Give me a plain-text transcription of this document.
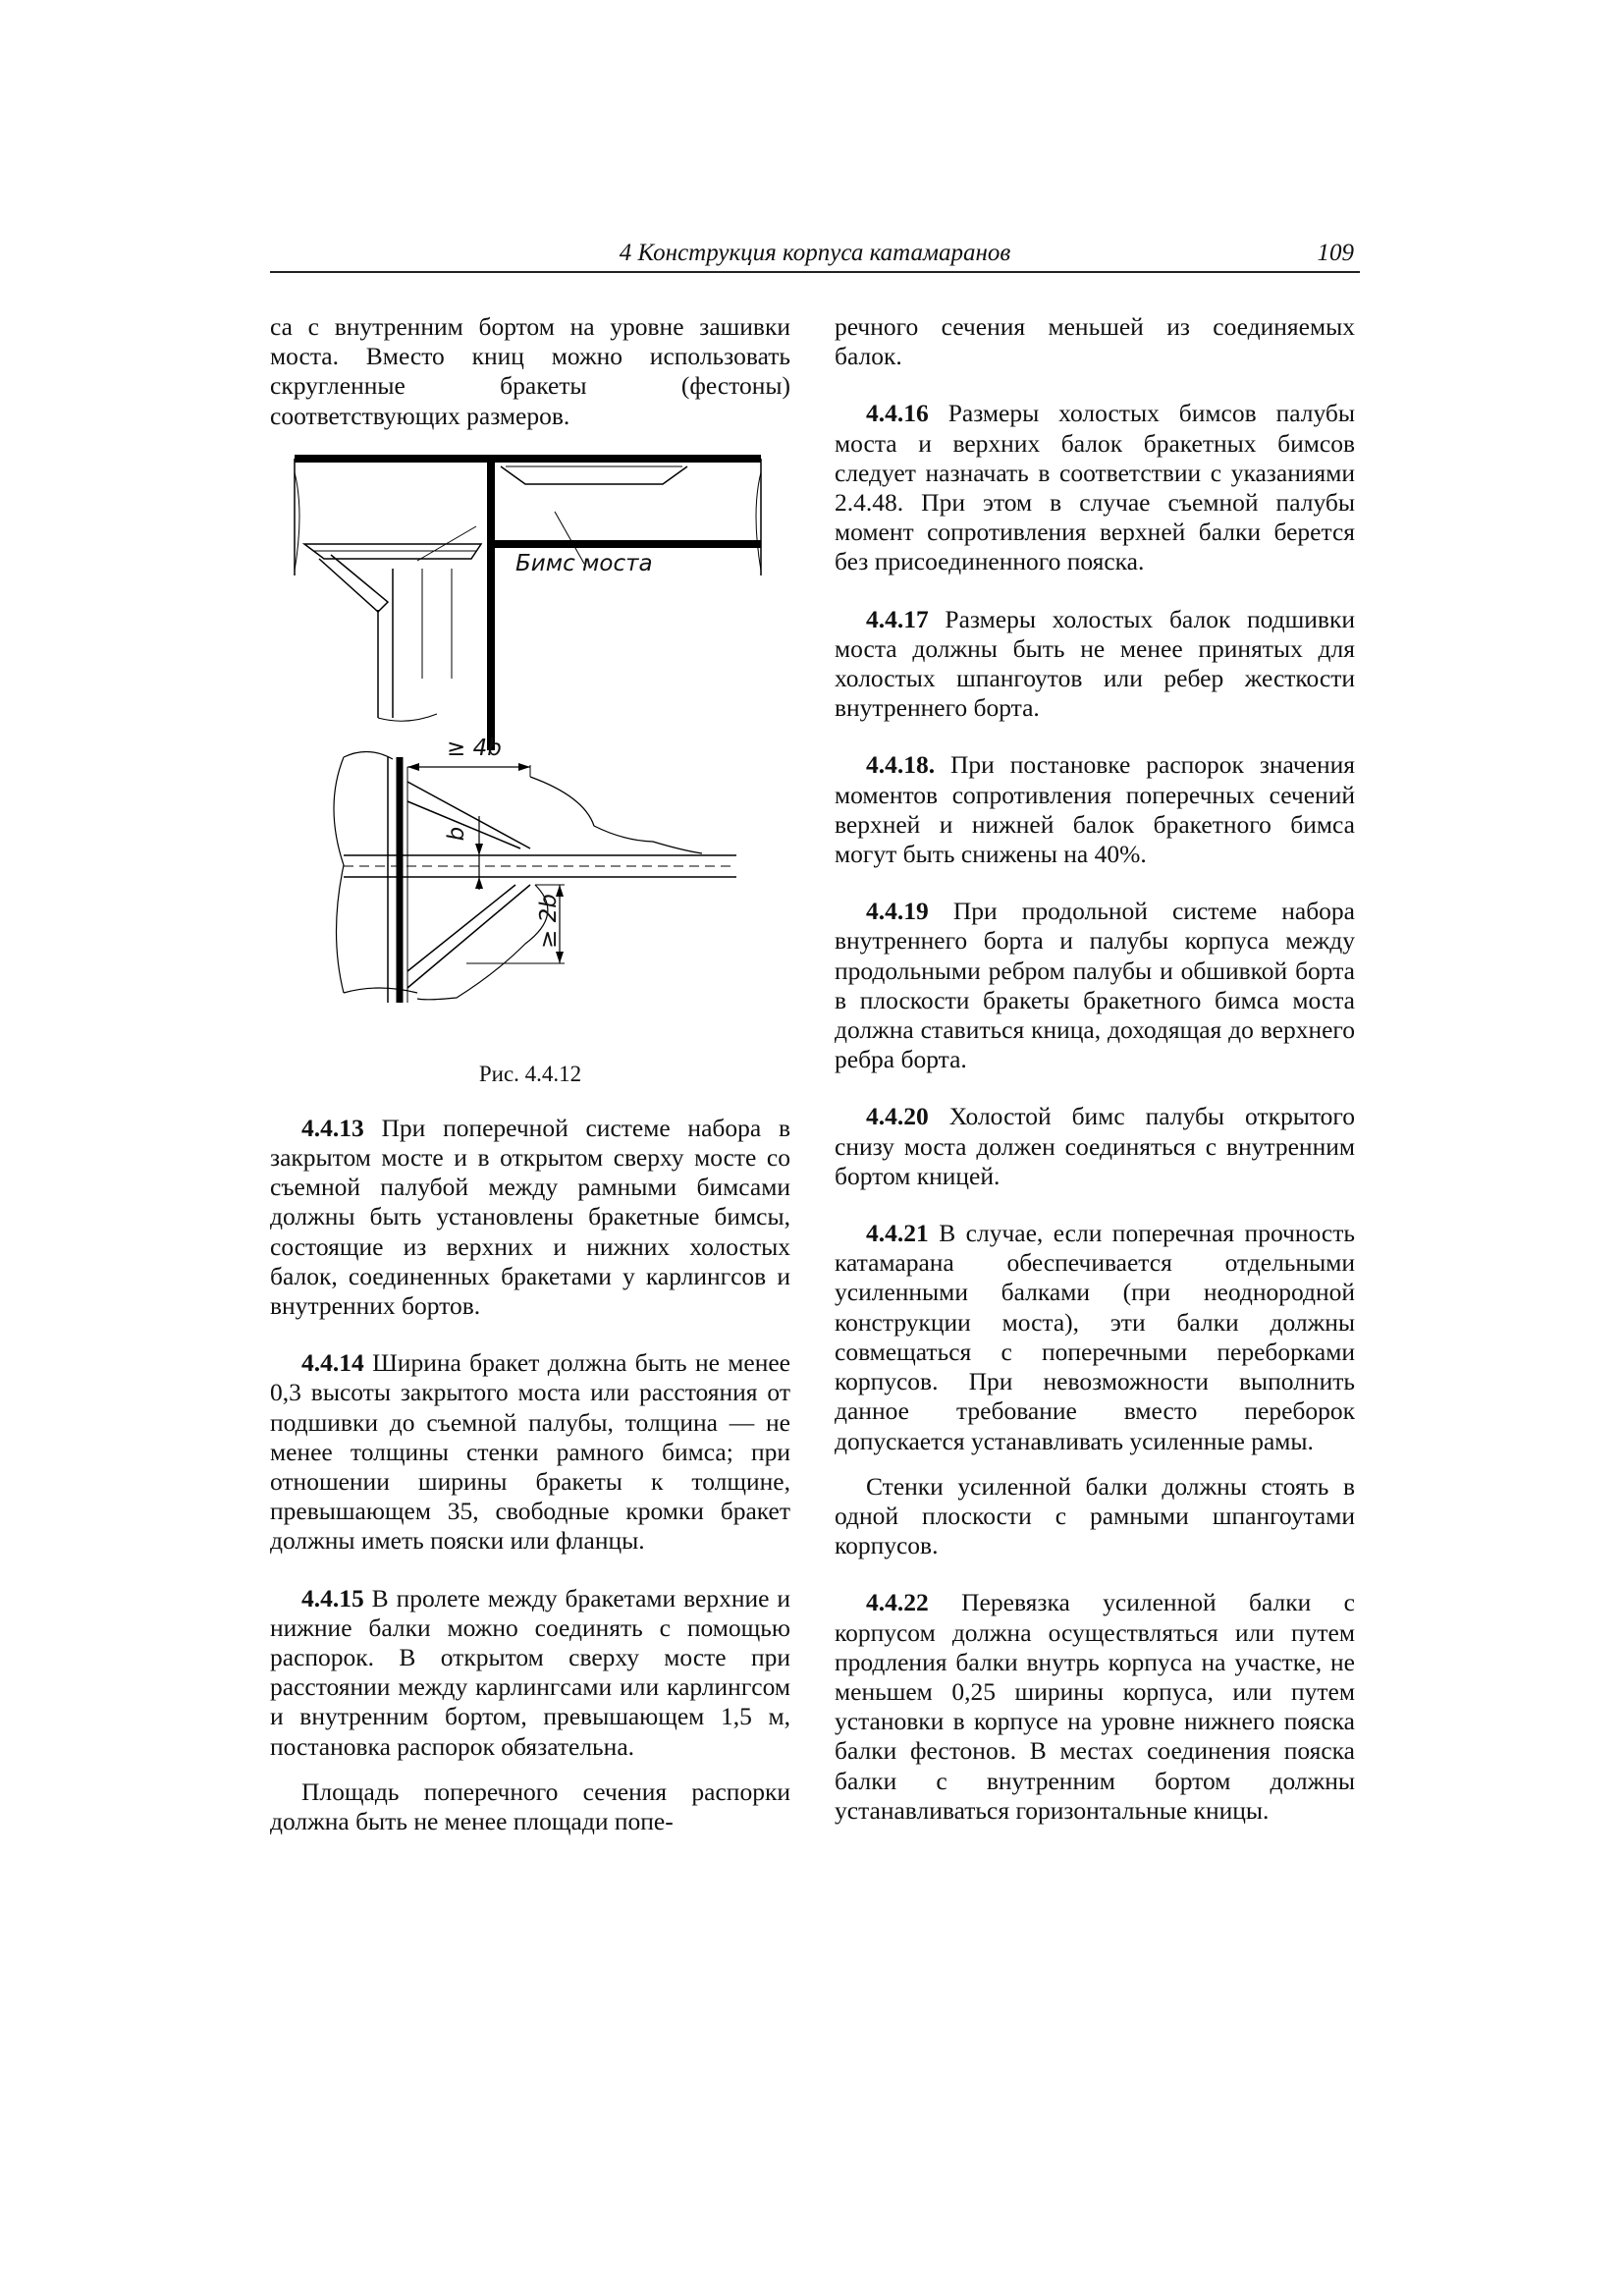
4 Конструкция корпуса катамаранов	109

са с внутренним бортом на уровне зашивки моста. Вместо книц можно использовать скругленные бракеты (фестоны) соответствующих размеров.

Бимс моста
≥ 4b
b
≥ 2b
Рис. 4.4.12

4.4.13 При поперечной системе набора в закрытом мосте и в открытом сверху мосте со съемной палубой между рамными бимсами должны быть установлены бракетные бимсы, состоящие из верхних и нижних холостых балок, соединенных бракетами у карлингсов и внутренних бортов.

4.4.14 Ширина бракет должна быть не менее 0,3 высоты закрытого моста или расстояния от подшивки до съемной палубы, толщина — не менее толщины стенки рамного бимса; при отношении ширины бракеты к толщине, превышающем 35, свободные кромки бракет должны иметь пояски или фланцы.

4.4.15 В пролете между бракетами верхние и нижние балки можно соединять с помощью распорок. В открытом сверху мосте при расстоянии между карлингсами или карлингсом и внутренним бортом, превышающем 1,5 м, постановка распорок обязательна.

Площадь поперечного сечения распорки должна быть не менее площади попе-

речного сечения меньшей из соединяемых балок.

4.4.16 Размеры холостых бимсов палубы моста и верхних балок бракетных бимсов следует назначать в соответствии с указаниями 2.4.48. При этом в случае съемной палубы момент сопротивления верхней балки берется без присоединенного пояска.

4.4.17 Размеры холостых балок подшивки моста должны быть не менее принятых для холостых шпангоутов или ребер жесткости внутреннего борта.

4.4.18. При постановке распорок значения моментов сопротивления поперечных сечений верхней и нижней балок бракетного бимса могут быть снижены на 40%.

4.4.19 При продольной системе набора внутреннего борта и палубы корпуса между продольными ребром палубы и обшивкой борта в плоскости бракеты бракетного бимса моста должна ставиться кница, доходящая до верхнего ребра борта.

4.4.20 Холостой бимс палубы открытого снизу моста должен соединяться с внутренним бортом кницей.

4.4.21 В случае, если поперечная прочность катамарана обеспечивается отдельными усиленными балками (при неоднородной конструкции моста), эти балки должны совмещаться с поперечными переборками корпусов. При невозможности выполнить данное требование вместо переборок допускается устанавливать усиленные рамы.

Стенки усиленной балки должны стоять в одной плоскости с рамными шпангоутами корпусов.

4.4.22 Перевязка усиленной балки с корпусом должна осуществляться или путем продления балки внутрь корпуса на участке, не меньшем 0,25 ширины корпуса, или путем установки в корпусе на уровне нижнего пояска балки фестонов. В местах соединения пояска балки с внутренним бортом должны устанавливаться горизонтальные кницы.
